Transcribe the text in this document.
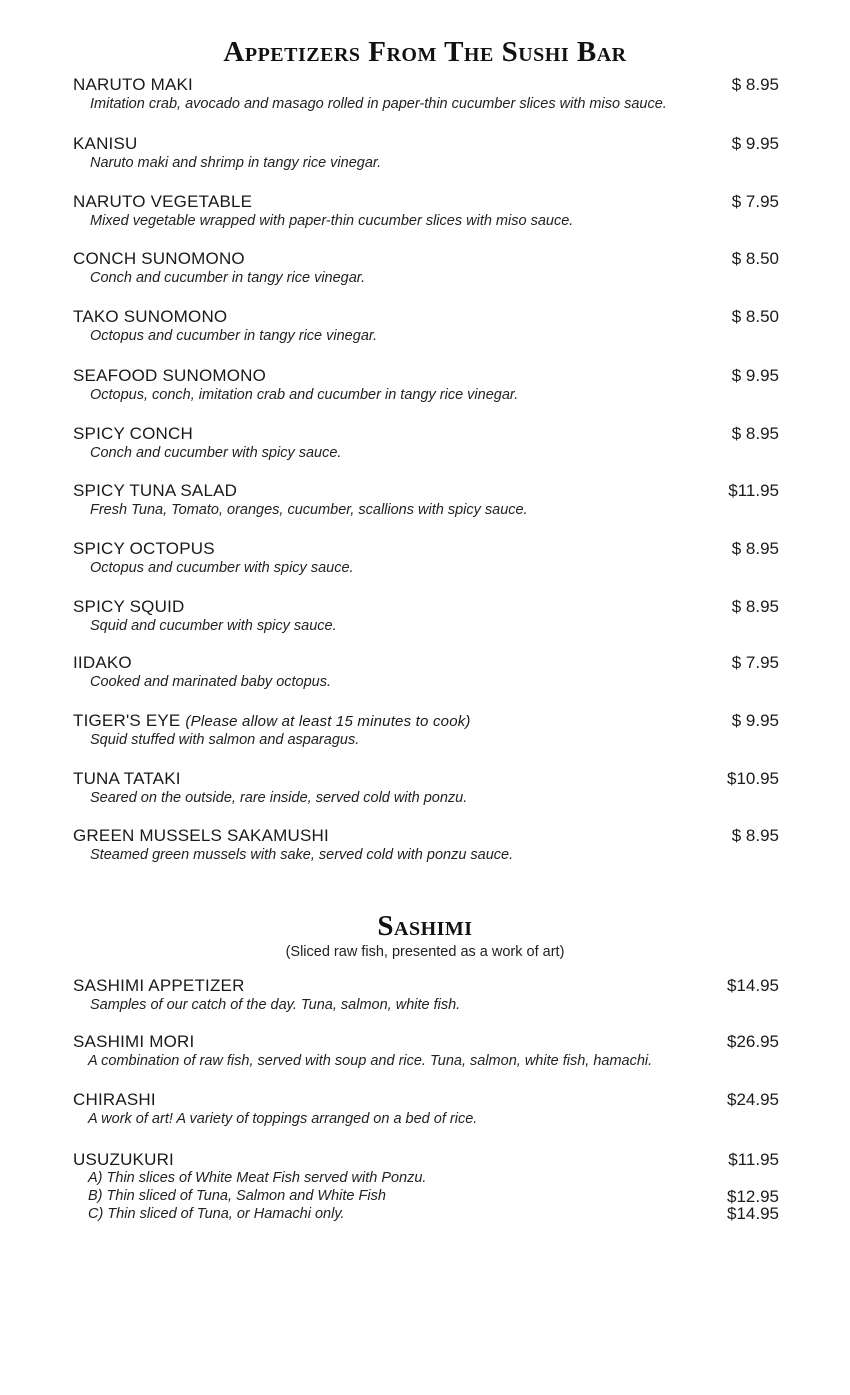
Appetizers From The Sushi Bar
NARUTO MAKI	$ 8.95
Imitation crab, avocado and masago rolled in paper-thin cucumber slices with miso sauce.
KANISU	$ 9.95
Naruto maki and shrimp in tangy rice vinegar.
NARUTO VEGETABLE	$ 7.95
Mixed vegetable wrapped with paper-thin cucumber slices with miso sauce.
CONCH SUNOMONO	$ 8.50
Conch and cucumber in tangy rice vinegar.
TAKO SUNOMONO	$ 8.50
Octopus and cucumber in tangy rice vinegar.
SEAFOOD SUNOMONO	$ 9.95
Octopus, conch, imitation crab and cucumber in tangy rice vinegar.
SPICY CONCH	$ 8.95
Conch and cucumber with spicy sauce.
SPICY TUNA SALAD	$11.95
Fresh Tuna, Tomato, oranges, cucumber, scallions with spicy sauce.
SPICY OCTOPUS	$ 8.95
Octopus and cucumber with spicy sauce.
SPICY SQUID	$ 8.95
Squid and cucumber with spicy sauce.
IIDAKO	$ 7.95
Cooked and marinated baby octopus.
TIGER'S EYE (Please allow at least 15 minutes to cook)	$ 9.95
Squid stuffed with salmon and asparagus.
TUNA TATAKI	$10.95
Seared on the outside, rare inside, served cold with ponzu.
GREEN MUSSELS SAKAMUSHI	$ 8.95
Steamed green mussels with sake, served cold with ponzu sauce.
Sashimi
(Sliced raw fish, presented as a work of art)
SASHIMI APPETIZER	$14.95
Samples of our catch of the day. Tuna, salmon, white fish.
SASHIMI MORI	$26.95
A combination of raw fish, served with soup and rice. Tuna, salmon, white fish, hamachi.
CHIRASHI	$24.95
A work of art! A variety of toppings arranged on a bed of rice.
USUZUKURI	$11.95
A) Thin slices of White Meat Fish served with Ponzu.
B) Thin sliced of Tuna, Salmon and White Fish	$12.95
C) Thin sliced of Tuna, or Hamachi only.	$14.95
